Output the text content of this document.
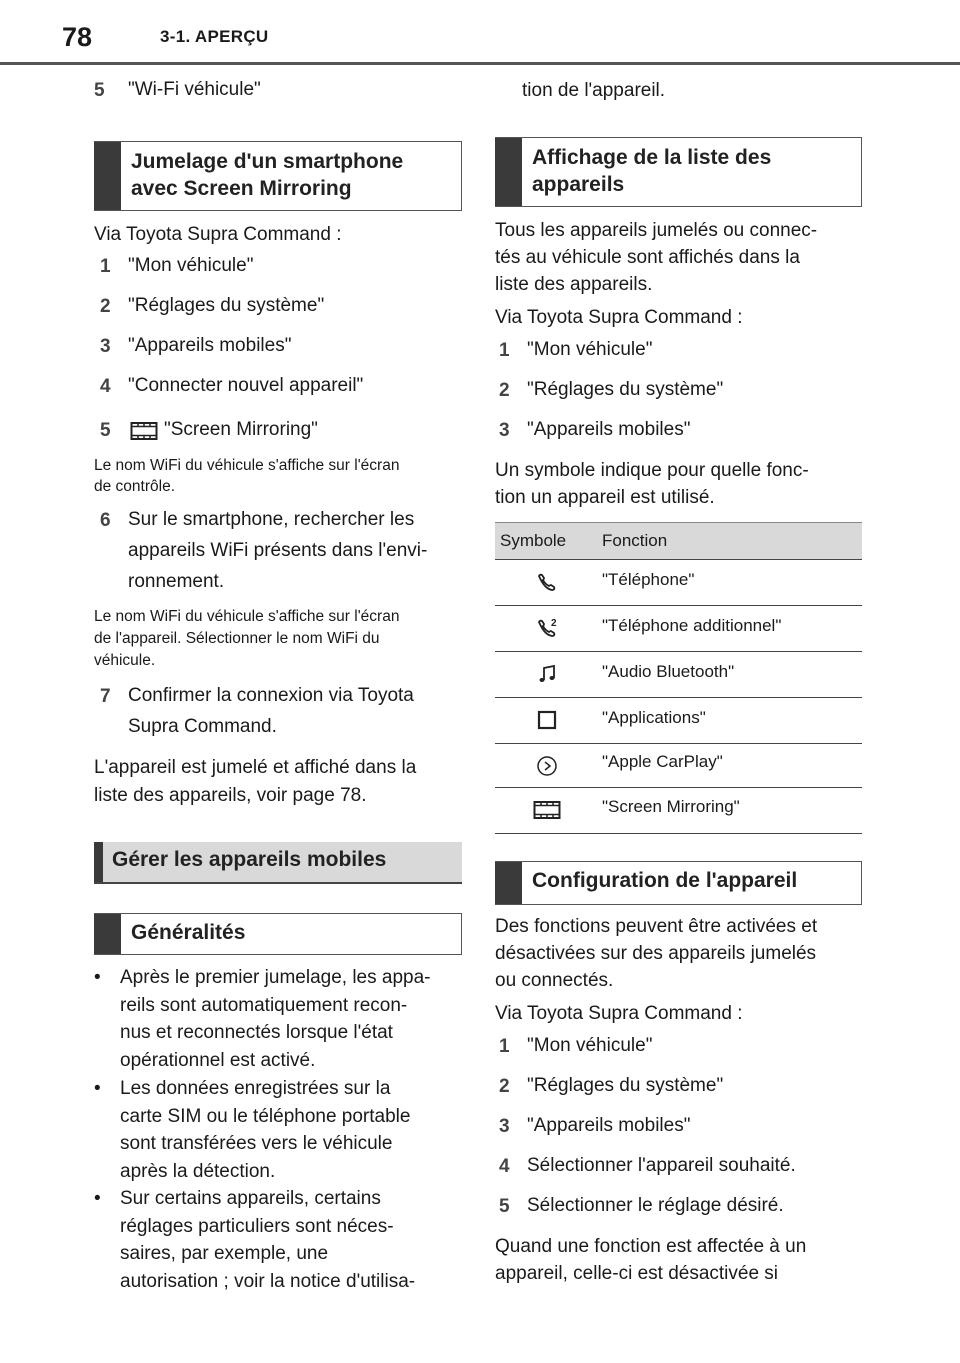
78	3-1. APERÇU
5 "Wi-Fi véhicule"
Jumelage d'un smartphone
avec Screen Mirroring
Via Toyota Supra Command :
1 "Mon véhicule"
2 "Réglages du système"
3 "Appareils mobiles"
4 "Connecter nouvel appareil"
5	"Screen Mirroring"
Le nom WiFi du véhicule s'affiche sur l'écran
de contrôle.
6 Sur le smartphone, rechercher les
appareils WiFi présents dans l'envi-
ronnement.
Le nom WiFi du véhicule s'affiche sur l'écran
de l'appareil. Sélectionner le nom WiFi du
véhicule.
7 Confirmer la connexion via Toyota
Supra Command.
L'appareil est jumelé et affiché dans la
liste des appareils, voir page 78.
Gérer les appareils mobiles
Généralités
• Après le premier jumelage, les appa-
reils sont automatiquement recon-
nus et reconnectés lorsque l'état
opérationnel est activé.
• Les données enregistrées sur la
carte SIM ou le téléphone portable
sont transférées vers le véhicule
après la détection.
• Sur certains appareils, certains
réglages particuliers sont néces-
saires, par exemple, une
autorisation ; voir la notice d'utilisa-
tion de l'appareil.
Affichage de la liste des
appareils
Tous les appareils jumelés ou connec-
tés au véhicule sont affichés dans la
liste des appareils.
Via Toyota Supra Command :
1 "Mon véhicule"
2 "Réglages du système"
3 "Appareils mobiles"
Un symbole indique pour quelle fonc-
tion un appareil est utilisé.
Symbole	Fonction

	"Téléphone"

2	"Téléphone additionnel"

	"Audio Bluetooth"

	"Applications"

	"Apple CarPlay"

	"Screen Mirroring"
Configuration de l'appareil
Des fonctions peuvent être activées et
désactivées sur des appareils jumelés
ou connectés.
Via Toyota Supra Command :
1 "Mon véhicule"
2 "Réglages du système"
3 "Appareils mobiles"
4 Sélectionner l'appareil souhaité.
5 Sélectionner le réglage désiré.
Quand une fonction est affectée à un
appareil, celle-ci est désactivée si
